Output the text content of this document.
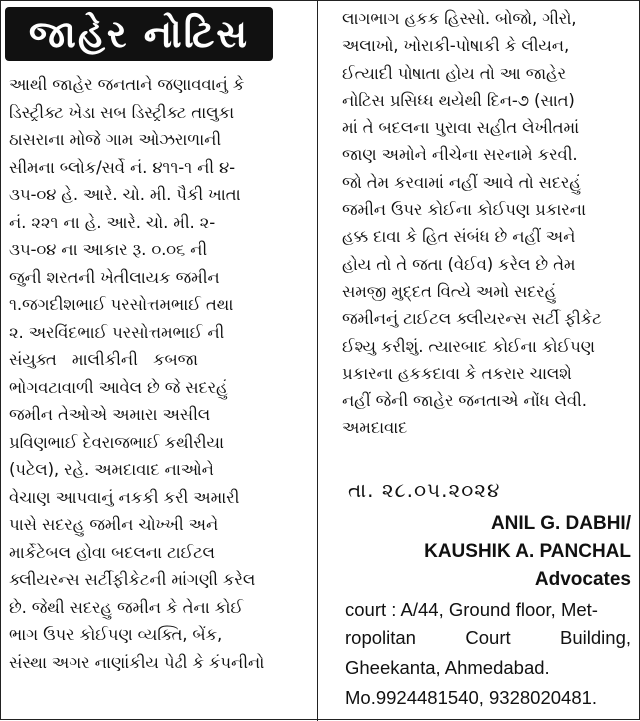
જાહેર નોટિસ
આથી જાહેર જનતાને જણાવવાનું કે
ડિસ્ટ્રીક્ટ ખેડા સબ ડિસ્ટ્રીક્ટ તાલુકા
ઠાસરાના મોજે ગામ ઓઝરાળાની
સીમના બ્લોક/સર્વે નં. ૪૧૧-૧ ની ૪-
૩૫-૦૪ હે. આરે. ચો. મી. પૈકી ખાતા
નં. ૨૨૧ ના હે. આરે. ચો. મી. ૨-
૩૫-૦૪ ના આકાર રૂ. ૦.૦૬ ની
જુની શરતની ખેતીલાયક જમીન
૧.જગદીશભાઈ પરસોત્તમભાઈ તથા
૨. અરવિંદભાઈ પરસોત્તમભાઈ ની
સંયુક્ત   માલીકીની   કબજા
ભોગવટાવાળી આવેલ છે જે સદરહું
જમીન તેઓએ અમારા અસીલ
પ્રવિણભાઈ દેવરાજભાઈ કથીરીયા
(પટેલ), રહે. અમદાવાદ નાઓને
વેચાણ આપવાનું નકકી કરી અમારી
પાસે સદરહુ જમીન ચોખ્ખી અને
માર્કેટેબલ હોવા બદલના ટાઈટલ
ક્લીયરન્સ સર્ટીફીકેટની માંગણી કરેલ
છે. જેથી સદરહુ જમીન કે તેના કોઈ
ભાગ ઉપર કોઈપણ વ્યક્તિ, બેંક,
સંસ્થા અગર નાણાંકીય પેઢી કે કંપનીનો
લાગભાગ હકક હિસ્સો. બોજો, ગીરો,
અલાખો, ખોરાકી-પોષાકી કે લીયન,
ઈત્યાદી પોષાતા હોય તો આ જાહેર
નોટિસ પ્રસિધ્ધ થયેથી દિન-૭ (સાત)
માં તે બદલના પુરાવા સહીત લેખીતમાં
જાણ અમોને નીચેના સરનામે કરવી.
જો તેમ કરવામાં નહીં આવે તો સદરહું
જમીન ઉપર કોઈના કોઈપણ પ્રકારના
હક્ક દાવા કે હિત સંબંધ છે નહીં અને
હોય તો તે જતા (વેઈવ) કરેલ છે તેમ
સમજી મુદ્દત વિત્યે અમો સદરહું
જમીનનું ટાઈટલ ક્લીયરન્સ સર્ટી ફીકેટ
ઈશ્યુ કરીશું. ત્યારબાદ કોઈના કોઈપણ
પ્રકારના હકકદાવા કે તકરાર ચાલશે
નહીં જેની જાહેર જનતાએ નોંધ લેવી.
અમદાવાદ
તા. ૨૮.૦૫.૨૦૨૪
ANIL G. DABHI/
KAUSHIK A. PANCHAL
Advocates
court : A/44, Ground floor, Met-
ropolitan	Court	Building,
Gheekanta, Ahmedabad.
Mo.9924481540, 9328020481.
